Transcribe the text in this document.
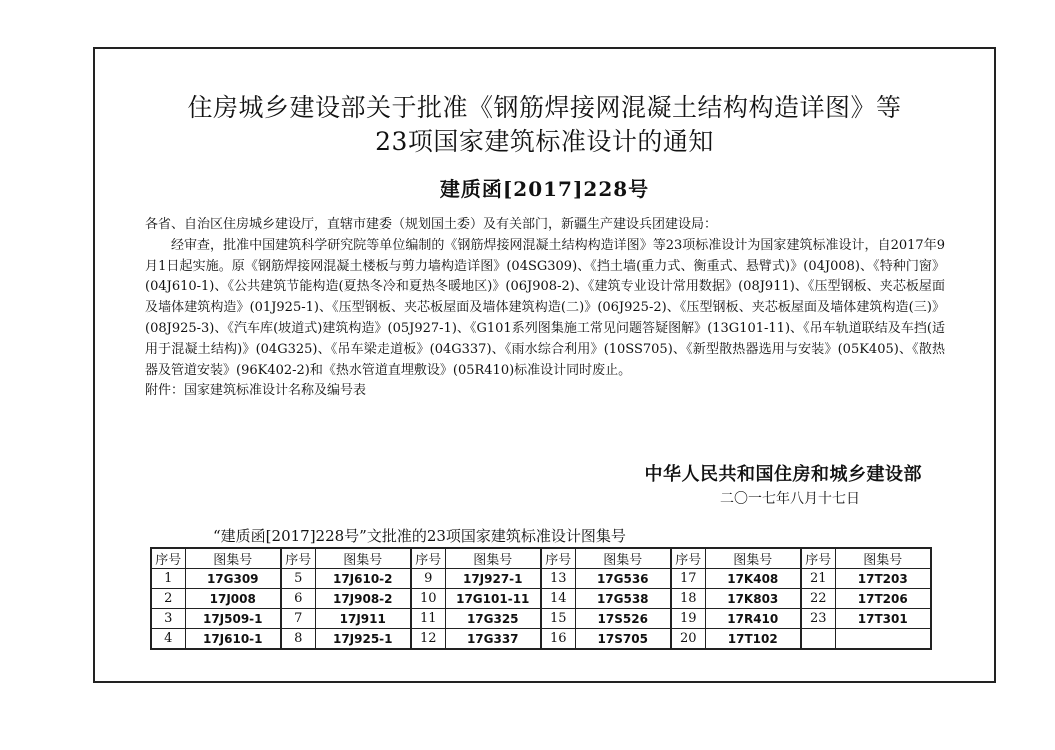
住房城乡建设部关于批准《钢筋焊接网混凝土结构构造详图》等
23项国家建筑标准设计的通知
建质函[2017]228号

各省、自治区住房城乡建设厅，直辖市建委（规划国土委）及有关部门，新疆生产建设兵团建设局：

经审查，批准中国建筑科学研究院等单位编制的《钢筋焊接网混凝土结构构造详图》等23项标准设计为国家建筑标准设计，自2017年9月1日起实施。原《钢筋焊接网混凝土楼板与剪力墙构造详图》(04SG309)、《挡土墙(重力式、衡重式、悬臂式)》(04J008)、《特种门窗》(04J610-1)、《公共建筑节能构造(夏热冬冷和夏热冬暖地区)》(06J908-2)、《建筑专业设计常用数据》(08J911)、《压型钢板、夹芯板屋面及墙体建筑构造》(01J925-1)、《压型钢板、夹芯板屋面及墙体建筑构造(二)》(06J925-2)、《压型钢板、夹芯板屋面及墙体建筑构造(三)》(08J925-3)、《汽车库(坡道式)建筑构造》(05J927-1)、《G101系列图集施工常见问题答疑图解》(13G101-11)、《吊车轨道联结及车挡(适用于混凝土结构)》(04G325)、《吊车梁走道板》(04G337)、《雨水综合利用》(10SS705)、《新型散热器选用与安装》(05K405)、《散热器及管道安装》(96K402-2)和《热水管道直埋敷设》(05R410)标准设计同时废止。

附件：国家建筑标准设计名称及编号表

中华人民共和国住房和城乡建设部
二〇一七年八月十七日
“建质函[2017]228号”文批准的23项国家建筑标准设计图集号
序号	图集号	序号	图集号	序号	图集号	序号	图集号	序号	图集号	序号	图集号
1	17G309	5	17J610-2	9	17J927-1	13	17G536	17	17K408	21	17T203
2	17J008	6	17J908-2	10	17G101-11	14	17G538	18	17K803	22	17T206
3	17J509-1	7	17J911	11	17G325	15	17S526	19	17R410	23	17T301
4	17J610-1	8	17J925-1	12	17G337	16	17S705	20	17T102		
